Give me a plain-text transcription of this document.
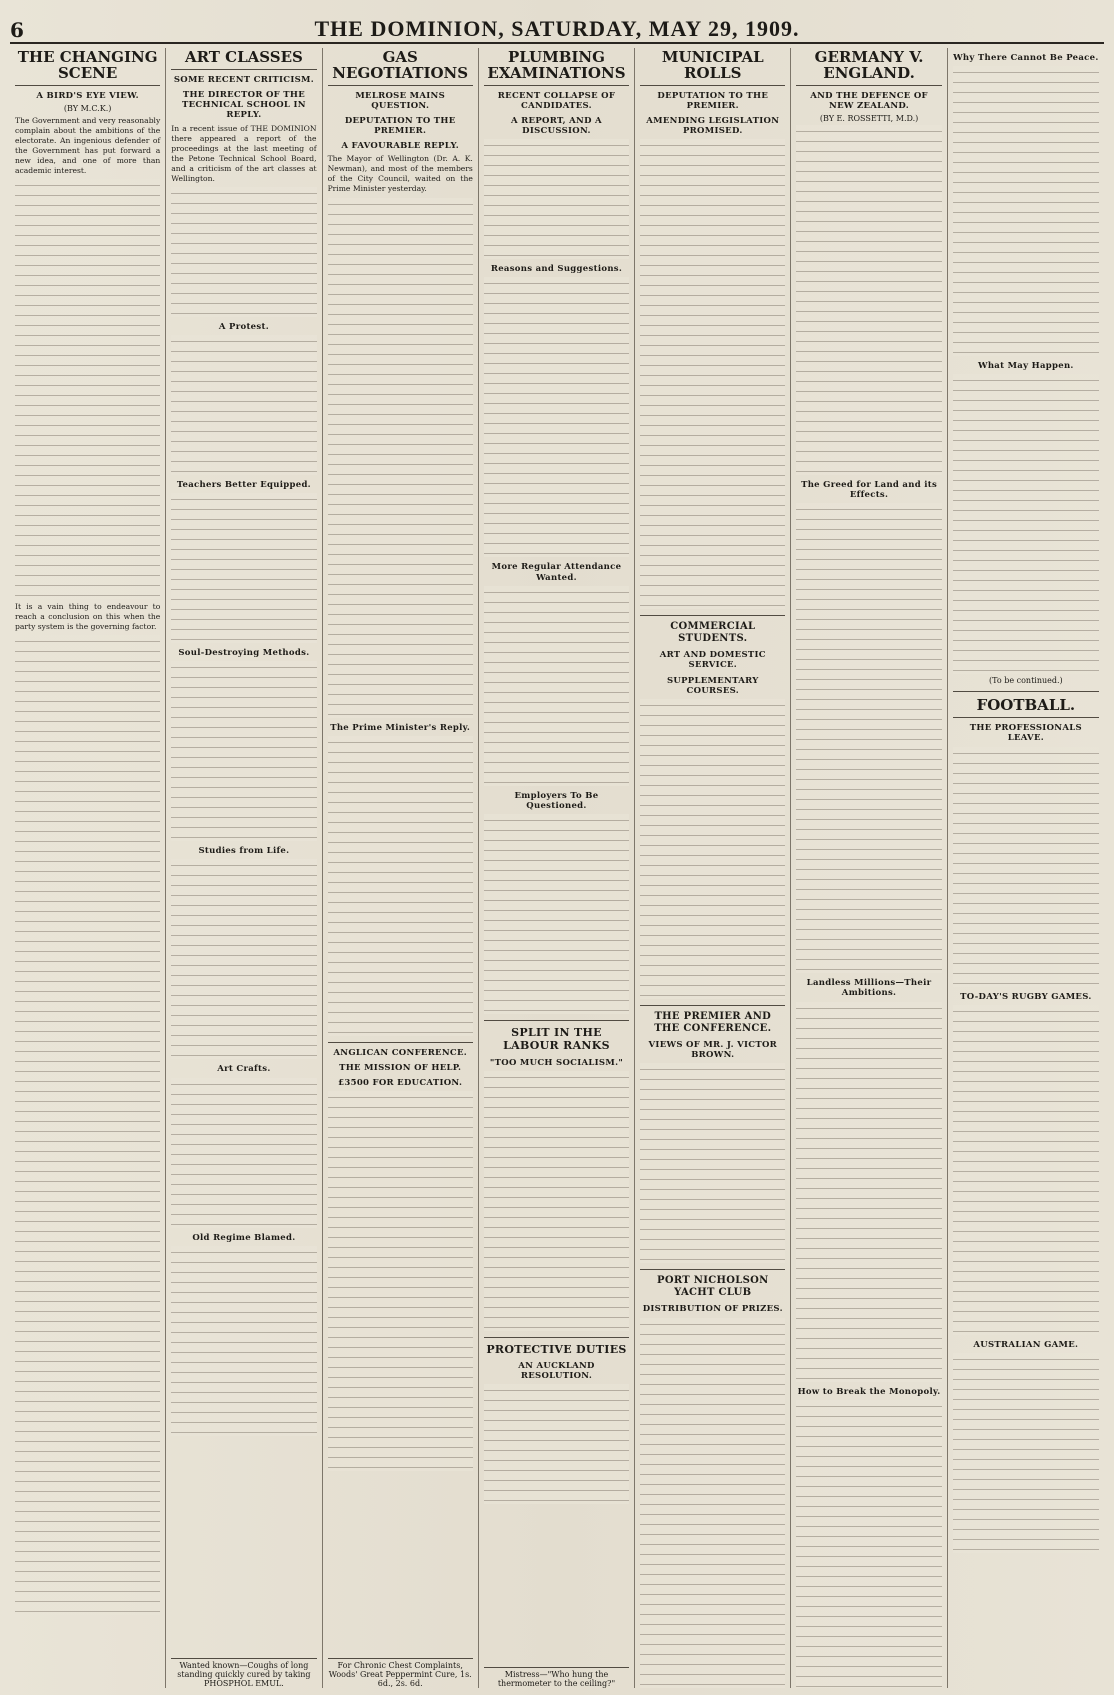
6	THE DOMINION, SATURDAY, MAY 29, 1909.
THE CHANGING SCENE
A BIRD'S EYE VIEW.
(BY M.C.K.)
The Government and very reasonably complain about the ambitions of the electorate. An ingenious defender of the Government has put forward a new idea, and one of more than academic interest.
It is a vain thing to endeavour to reach a conclusion on this when the party system is the governing factor.
ART CLASSES
SOME RECENT CRITICISM.
THE DIRECTOR OF THE TECHNICAL SCHOOL IN REPLY.
In a recent issue of THE DOMINION there appeared a report of the proceedings at the last meeting of the Petone Technical School Board, and a criticism of the art classes at Wellington.
A Protest.
Teachers Better Equipped.
Soul-Destroying Methods.
Studies from Life.
Art Crafts.
Old Regime Blamed.
Wanted known—Coughs of long standing quickly cured by taking PHOSPHOL EMUL.
GAS NEGOTIATIONS
MELROSE MAINS QUESTION.
DEPUTATION TO THE PREMIER.
A FAVOURABLE REPLY.
The Mayor of Wellington (Dr. A. K. Newman), and most of the members of the City Council, waited on the Prime Minister yesterday.
The Prime Minister's Reply.
ANGLICAN CONFERENCE.
THE MISSION OF HELP.
£3500 FOR EDUCATION.
For Chronic Chest Complaints, Woods' Great Peppermint Cure, 1s. 6d., 2s. 6d.
PLUMBING EXAMINATIONS
RECENT COLLAPSE OF CANDIDATES.
A REPORT, AND A DISCUSSION.
Reasons and Suggestions.
More Regular Attendance Wanted.
Employers To Be Questioned.
SPLIT IN THE LABOUR RANKS
"TOO MUCH SOCIALISM."
PROTECTIVE DUTIES
AN AUCKLAND RESOLUTION.
Mistress—"Who hung the thermometer to the ceiling?"
MUNICIPAL ROLLS
DEPUTATION TO THE PREMIER.
AMENDING LEGISLATION PROMISED.
COMMERCIAL STUDENTS.
ART AND DOMESTIC SERVICE.
SUPPLEMENTARY COURSES.
THE PREMIER AND THE CONFERENCE.
VIEWS OF MR. J. VICTOR BROWN.
PORT NICHOLSON YACHT CLUB
DISTRIBUTION OF PRIZES.
GERMANY V. ENGLAND.
AND THE DEFENCE OF NEW ZEALAND.
(BY E. ROSSETTI, M.D.)
The Greed for Land and its Effects.
Landless Millions—Their Ambitions.
How to Break the Monopoly.
Why There Cannot Be Peace.
What May Happen.
(To be continued.)
FOOTBALL.
THE PROFESSIONALS LEAVE.
TO-DAY'S RUGBY GAMES.
AUSTRALIAN GAME.
